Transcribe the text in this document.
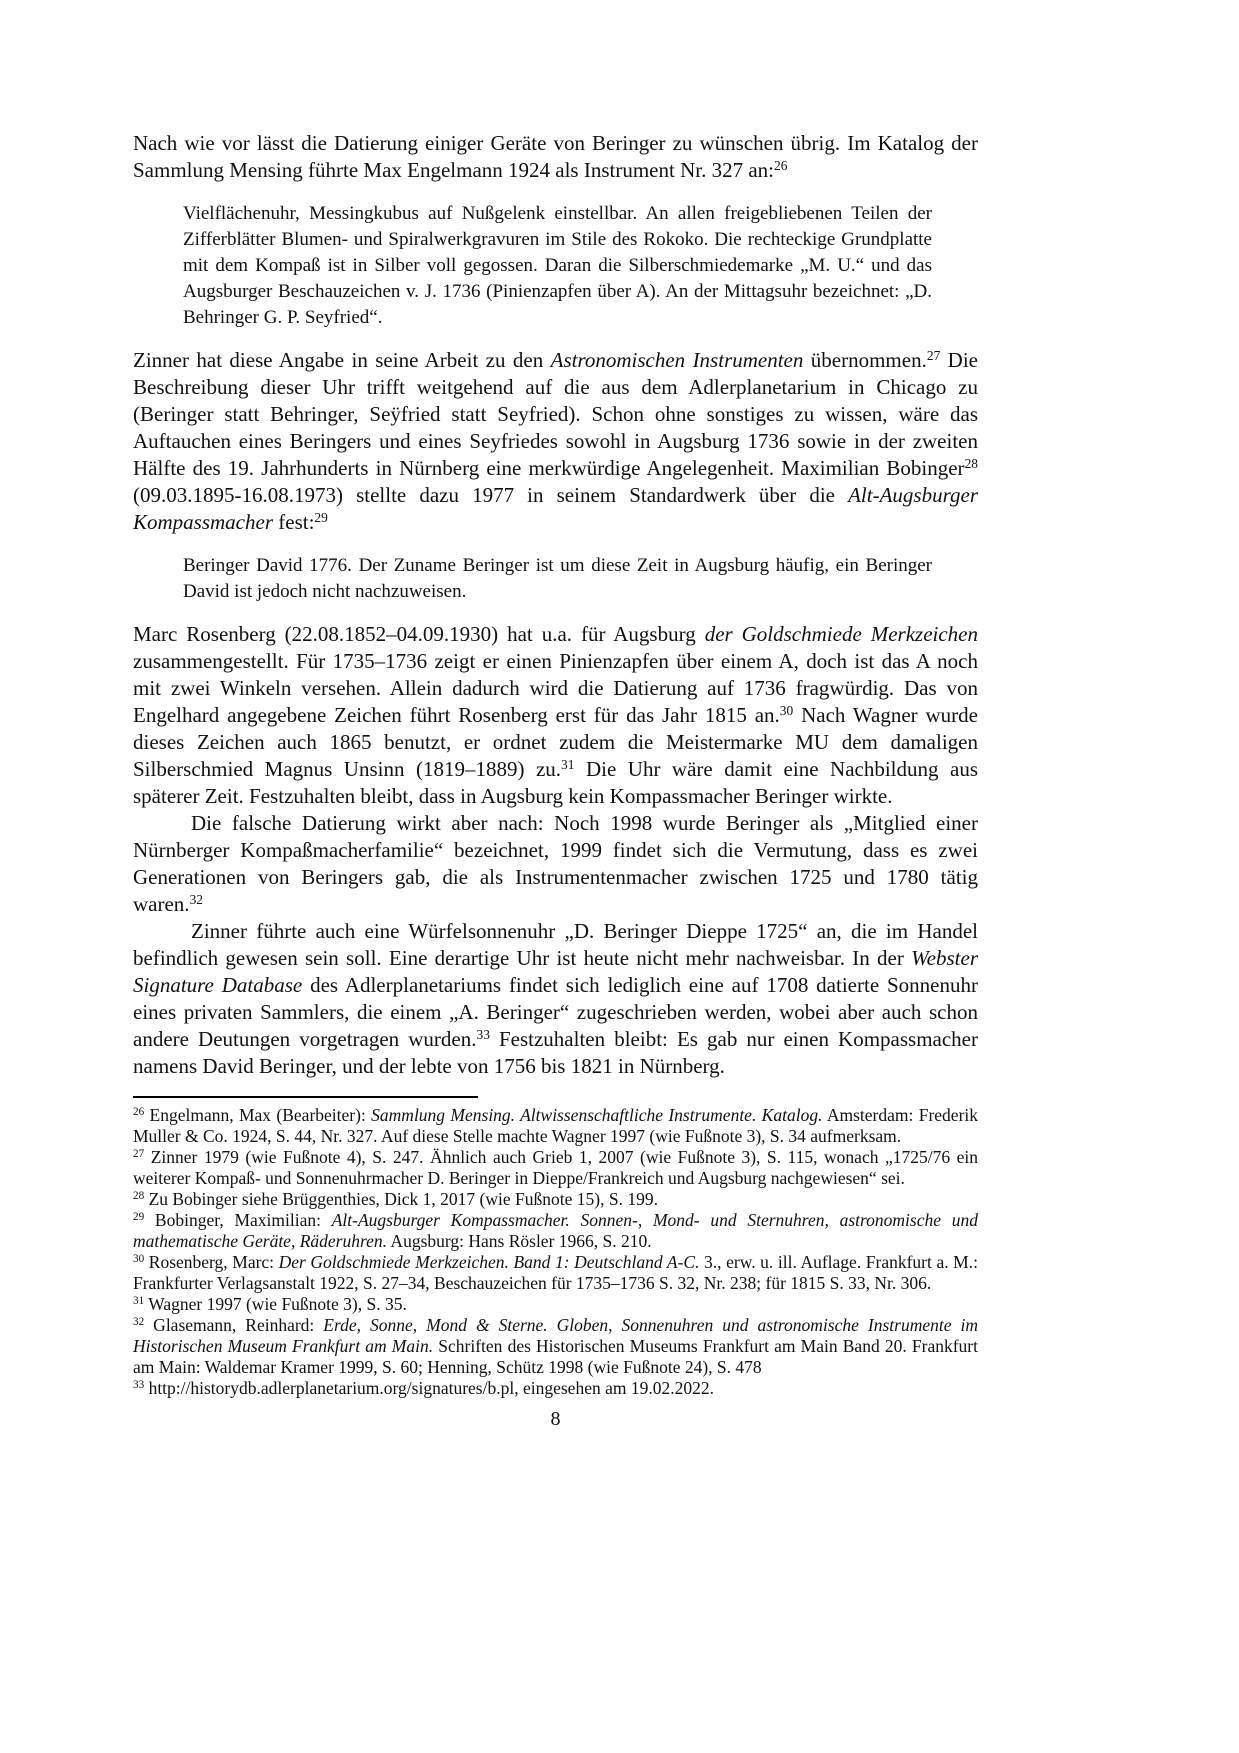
Nach wie vor lässt die Datierung einiger Geräte von Beringer zu wünschen übrig. Im Katalog der Sammlung Mensing führte Max Engelmann 1924 als Instrument Nr. 327 an:$^{26}$

Vielflächenuhr, Messingkubus auf Nußgelenk einstellbar. An allen freigebliebenen Teilen der Zifferblätter Blumen- und Spiralwerkgravuren im Stile des Rokoko. Die rechteckige Grundplatte mit dem Kompaß ist in Silber voll gegossen. Daran die Silberschmiedemarke „M. U.“ und das Augsburger Beschauzeichen v. J. 1736 (Pinienzapfen über A). An der Mittagsuhr bezeichnet: „D. Behringer G. P. Seyfried“.

Zinner hat diese Angabe in seine Arbeit zu den Astronomischen Instrumenten übernommen.$^{27}$ Die Beschreibung dieser Uhr trifft weitgehend auf die aus dem Adlerplanetarium in Chicago zu (Beringer statt Behringer, Seÿfried statt Seyfried). Schon ohne sonstiges zu wissen, wäre das Auftauchen eines Beringers und eines Seyfriedes sowohl in Augsburg 1736 sowie in der zweiten Hälfte des 19. Jahrhunderts in Nürnberg eine merkwürdige Angelegenheit. Maximilian Bobinger$^{28}$ (09.03.1895-16.08.1973) stellte dazu 1977 in seinem Standardwerk über die Alt-Augsburger Kompassmacher fest:$^{29}$

Beringer David 1776. Der Zuname Beringer ist um diese Zeit in Augsburg häufig, ein Beringer David ist jedoch nicht nachzuweisen.

Marc Rosenberg (22.08.1852–04.09.1930) hat u.a. für Augsburg der Goldschmiede Merkzeichen zusammengestellt. Für 1735–1736 zeigt er einen Pinienzapfen über einem A, doch ist das A noch mit zwei Winkeln versehen. Allein dadurch wird die Datierung auf 1736 fragwürdig. Das von Engelhard angegebene Zeichen führt Rosenberg erst für das Jahr 1815 an.$^{30}$ Nach Wagner wurde dieses Zeichen auch 1865 benutzt, er ordnet zudem die Meistermarke MU dem damaligen Silberschmied Magnus Unsinn (1819–1889) zu.$^{31}$ Die Uhr wäre damit eine Nachbildung aus späterer Zeit. Festzuhalten bleibt, dass in Augsburg kein Kompassmacher Beringer wirkte.

Die falsche Datierung wirkt aber nach: Noch 1998 wurde Beringer als „Mitglied einer Nürnberger Kompaßmacherfamilie“ bezeichnet, 1999 findet sich die Vermutung, dass es zwei Generationen von Beringers gab, die als Instrumentenmacher zwischen 1725 und 1780 tätig waren.$^{32}$

Zinner führte auch eine Würfelsonnenuhr „D. Beringer Dieppe 1725“ an, die im Handel befindlich gewesen sein soll. Eine derartige Uhr ist heute nicht mehr nachweisbar. In der Webster Signature Database des Adlerplanetariums findet sich lediglich eine auf 1708 datierte Sonnenuhr eines privaten Sammlers, die einem „A. Beringer“ zugeschrieben werden, wobei aber auch schon andere Deutungen vorgetragen wurden.$^{33}$ Festzuhalten bleibt: Es gab nur einen Kompassmacher namens David Beringer, und der lebte von 1756 bis 1821 in Nürnberg.

$^{26}$ Engelmann, Max (Bearbeiter): Sammlung Mensing. Altwissenschaftliche Instrumente. Katalog. Amsterdam: Frederik Muller & Co. 1924, S. 44, Nr. 327. Auf diese Stelle machte Wagner 1997 (wie Fußnote 3), S. 34 aufmerksam.

$^{27}$ Zinner 1979 (wie Fußnote 4), S. 247. Ähnlich auch Grieb 1, 2007 (wie Fußnote 3), S. 115, wonach „1725/76 ein weiterer Kompaß- und Sonnenuhrmacher D. Beringer in Dieppe/Frankreich und Augsburg nachgewiesen“ sei.

$^{28}$ Zu Bobinger siehe Brüggenthies, Dick 1, 2017 (wie Fußnote 15), S. 199.

$^{29}$ Bobinger, Maximilian: Alt-Augsburger Kompassmacher. Sonnen-, Mond- und Sternuhren, astronomische und mathematische Geräte, Räderuhren. Augsburg: Hans Rösler 1966, S. 210.

$^{30}$ Rosenberg, Marc: Der Goldschmiede Merkzeichen. Band 1: Deutschland A-C. 3., erw. u. ill. Auflage. Frankfurt a. M.: Frankfurter Verlagsanstalt 1922, S. 27–34, Beschauzeichen für 1735–1736 S. 32, Nr. 238; für 1815 S. 33, Nr. 306.

$^{31}$ Wagner 1997 (wie Fußnote 3), S. 35.

$^{32}$ Glasemann, Reinhard: Erde, Sonne, Mond & Sterne. Globen, Sonnenuhren und astronomische Instrumente im Historischen Museum Frankfurt am Main. Schriften des Historischen Museums Frankfurt am Main Band 20. Frankfurt am Main: Waldemar Kramer 1999, S. 60; Henning, Schütz 1998 (wie Fußnote 24), S. 478

$^{33}$ http://historydb.adlerplanetarium.org/signatures/b.pl, eingesehen am 19.02.2022.

8
